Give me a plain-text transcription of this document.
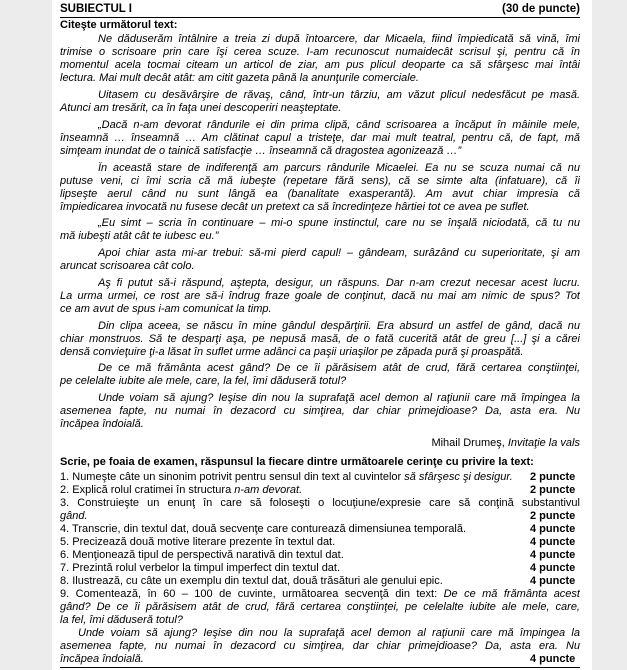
SUBIECTUL I	(30 de puncte)
Citeşte următorul text:
Ne dăduserăm întâlnire a treia zi după întoarcere, dar Micaela, fiind împiedicată să vină, îmi
trimise o scrisoare prin care îşi cerea scuze. I-am recunoscut numaidecât scrisul şi, pentru că în
momentul acela tocmai citeam un articol de ziar, am pus plicul deoparte ca să sfârşesc mai întâi
lectura. Mai mult decât atât: am citit gazeta până la anunţurile comerciale.
Uitasem cu desăvârşire de răvaş, când, într-un târziu, am văzut plicul nedesfăcut pe masă.
Atunci am tresărit, ca în faţa unei descoperiri neaşteptate.
„Dacă n-am devorat rândurile ei din prima clipă, când scrisoarea a încăput în mâinile mele,
înseamnă … înseamnă … Am clătinat capul a tristeţe, dar mai mult teatral, pentru că, de fapt, mă
simţeam inundat de o tainică satisfacţie … înseamnă că dragostea agonizează …”
În această stare de indiferenţă am parcurs rândurile Micaelei. Ea nu se scuza numai că nu
putuse veni, ci îmi scria că mă iubeşte (repetare fără sens), că se simte alta (infatuare), că îi
lipseşte aerul când nu sunt lângă ea (banalitate exasperantă). Am avut chiar impresia că
împiedicarea invocată nu fusese decât un pretext ca să încredinţeze hârtiei tot ce avea pe suflet.
„Eu simt – scria în continuare – mi-o spune instinctul, care nu se înşală niciodată, că tu nu
mă iubeşti atât cât te iubesc eu.”
Apoi chiar asta mi-ar trebui: să-mi pierd capul! – gândeam, surâzând cu superioritate, şi am
aruncat scrisoarea cât colo.
Aş fi putut să-i răspund, aştepta, desigur, un răspuns. Dar n-am crezut necesar acest lucru.
La urma urmei, ce rost are să-i îndrug fraze goale de conţinut, dacă nu mai am nimic de spus? Tot
ce am avut de spus i-am comunicat la timp.
Din clipa aceea, se născu în mine gândul despărţirii. Era absurd un astfel de gând, dacă nu
chiar monstruos. Să te desparţi aşa, pe nepusă masă, de o fată cucerită atât de greu [...] şi a cărei
densă convieţuire ţi-a lăsat în suflet urme adânci ca paşii uriaşilor pe zăpada pură şi proaspătă.
De ce mă frământa acest gând? De ce îi părăsisem atât de crud, fără certarea conştiinţei,
pe celelalte iubite ale mele, care, la fel, îmi dăduseră totul?
Unde voiam să ajung? Ieşise din nou la suprafaţă acel demon al raţiunii care mă împingea la
asemenea fapte, nu numai în dezacord cu simţirea, dar chiar primejdioase? Da, asta era. Nu
încăpea îndoială.
Mihail Drumeş, Invitaţie la vals
Scrie, pe foaia de examen, răspunsul la fiecare dintre următoarele cerinţe cu privire la text:
1. Numeşte câte un sinonim potrivit pentru sensul din text al cuvintelor să sfârşesc şi desigur. 2 puncte
2. Explică rolul cratimei în structura n-am devorat.	2 puncte
3. Construieşte un enunţ în care să foloseşti o locuţiune/expresie care să conţină substantivul
gând.	2 puncte
4. Transcrie, din textul dat, două secvenţe care conturează dimensiunea temporală.	4 puncte
5. Precizează două motive literare prezente în textul dat.	4 puncte
6. Menţionează tipul de perspectivă narativă din textul dat.	4 puncte
7. Prezintă rolul verbelor la timpul imperfect din textul dat.	4 puncte
8. Ilustrează, cu câte un exemplu din textul dat, două trăsături ale genului epic.	4 puncte
9. Comentează, în 60 – 100 de cuvinte, următoarea secvenţă din text: De ce mă frământa acest
gând? De ce îi părăsisem atât de crud, fără certarea conştiinţei, pe celelalte iubite ale mele, care,
la fel, îmi dăduseră totul?
Unde voiam să ajung? Ieşise din nou la suprafaţă acel demon al raţiunii care mă împingea la
asemenea fapte, nu numai în dezacord cu simţirea, dar chiar primejdioase? Da, asta era. Nu
încăpea îndoială.	4 puncte
